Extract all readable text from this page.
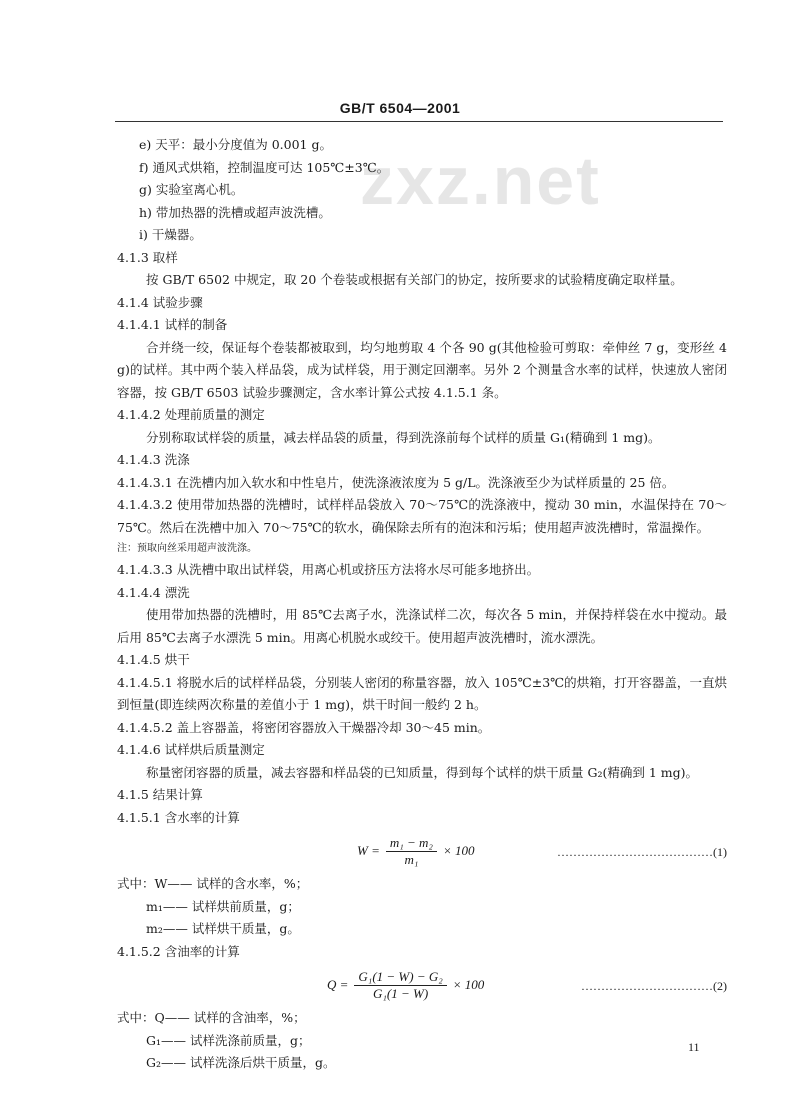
GB/T 6504—2001
zxz.net
e) 天平：最小分度值为 0.001 g。
f) 通风式烘箱，控制温度可达 105℃±3℃。
g) 实验室离心机。
h) 带加热器的洗槽或超声波洗槽。
i) 干燥器。
4.1.3 取样
按 GB/T 6502 中规定，取 20 个卷装或根据有关部门的协定，按所要求的试验精度确定取样量。
4.1.4 试验步骤
4.1.4.1 试样的制备
合并绕一绞，保证每个卷装都被取到，均匀地剪取 4 个各 90 g(其他检验可剪取：牵伸丝 7 g，变形丝 4 g)的试样。其中两个装入样品袋，成为试样袋，用于测定回潮率。另外 2 个测量含水率的试样，快速放人密闭容器，按 GB/T 6503 试验步骤测定，含水率计算公式按 4.1.5.1 条。
4.1.4.2 处理前质量的测定
分别称取试样袋的质量，减去样品袋的质量，得到洗涤前每个试样的质量 G₁(精确到 1 mg)。
4.1.4.3 洗涤
4.1.4.3.1 在洗槽内加入软水和中性皂片，使洗涤液浓度为 5 g/L。洗涤液至少为试样质量的 25 倍。
4.1.4.3.2 使用带加热器的洗槽时，试样样品袋放入 70～75℃的洗涤液中，搅动 30 min，水温保持在 70～75℃。然后在洗槽中加入 70～75℃的软水，确保除去所有的泡沫和污垢；使用超声波洗槽时，常温操作。
注：预取向丝采用超声波洗涤。
4.1.4.3.3 从洗槽中取出试样袋，用离心机或挤压方法将水尽可能多地挤出。
4.1.4.4 漂洗
使用带加热器的洗槽时，用 85℃去离子水，洗涤试样二次，每次各 5 min，并保持样袋在水中搅动。最后用 85℃去离子水漂洗 5 min。用离心机脱水或绞干。使用超声波洗槽时，流水漂洗。
4.1.4.5 烘干
4.1.4.5.1 将脱水后的试样样品袋，分别装人密闭的称量容器，放入 105℃±3℃的烘箱，打开容器盖，一直烘到恒量(即连续两次称量的差值小于 1 mg)，烘干时间一般约 2 h。
4.1.4.5.2 盖上容器盖，将密闭容器放入干燥器冷却 30～45 min。
4.1.4.6 试样烘后质量测定
称量密闭容器的质量，减去容器和样品袋的已知质量，得到每个试样的烘干质量 G₂(精确到 1 mg)。
4.1.5 结果计算
4.1.5.1 含水率的计算
$W = \frac{\text{m₁ − m₂}}{\text{m₁}} \times 100$	…………………………………(1)
式中：W—— 试样的含水率，%；
m₁—— 试样烘前质量，g；
m₂—— 试样烘干质量，g。
4.1.5.2 含油率的计算
$Q = \frac{\text{G₁(1 − W) − G₂}}{\text{G₁(1 − W)}} \times 100$	……………………………(2)
式中：Q—— 试样的含油率，%；
G₁—— 试样洗涤前质量，g；
G₂—— 试样洗涤后烘干质量，g。
11
